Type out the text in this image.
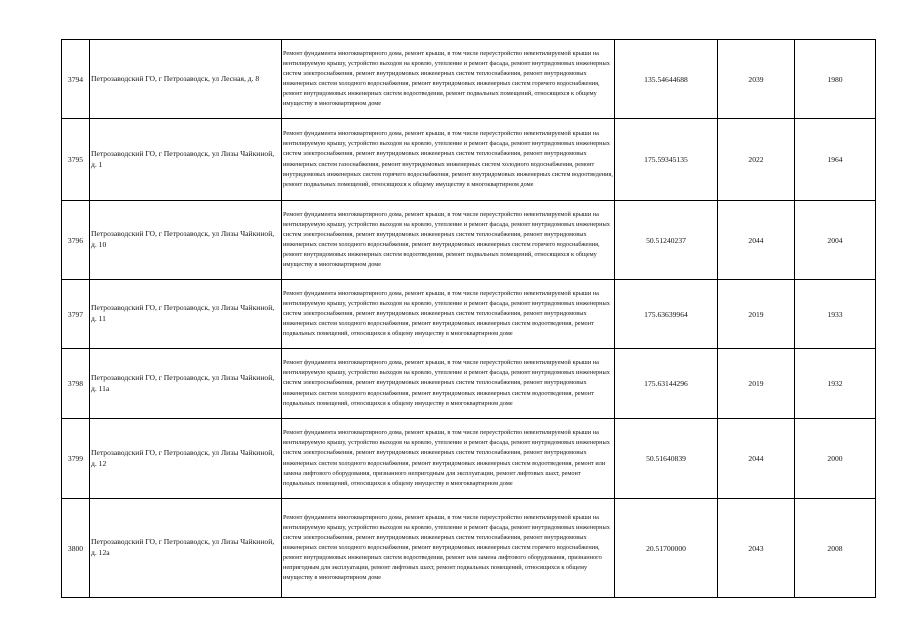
3794	Петрозаводский ГО, г Петрозаводск, ул Лесная, д. 8	Ремонт фундамента многоквартирного дома, ремонт крыши, в том числе переустройство невентилируемой крыши на вентилируемую крышу, устройство выходов на кровлю, утепление и ремонт фасада, ремонт внутридомовых инженерных систем электроснабжения, ремонт внутридомовых инженерных систем теплоснабжения, ремонт внутридомовых инженерных систем холодного водоснабжения, ремонт внутридомовых инженерных систем горячего водоснабжения, ремонт внутридомовых инженерных систем водоотведения, ремонт подвальных помещений, относящихся к общему имуществу в многоквартирном доме	135.54644688	2039	1980
3795	Петрозаводский ГО, г Петрозаводск, ул Лизы Чайкиной, д. 1	Ремонт фундамента многоквартирного дома, ремонт крыши, в том числе переустройство невентилируемой крыши на вентилируемую крышу, устройство выходов на кровлю, утепление и ремонт фасада, ремонт внутридомовых инженерных систем электроснабжения, ремонт внутридомовых инженерных систем теплоснабжения, ремонт внутридомовых инженерных систем газоснабжения, ремонт внутридомовых инженерных систем холодного водоснабжения, ремонт внутридомовых инженерных систем горячего водоснабжения, ремонт внутридомовых инженерных систем водоотведения, ремонт подвальных помещений, относящихся к общему имуществу в многоквартирном доме	175.59345135	2022	1964
3796	Петрозаводский ГО, г Петрозаводск, ул Лизы Чайкиной, д. 10	Ремонт фундамента многоквартирного дома, ремонт крыши, в том числе переустройство невентилируемой крыши на вентилируемую крышу, устройство выходов на кровлю, утепление и ремонт фасада, ремонт внутридомовых инженерных систем электроснабжения, ремонт внутридомовых инженерных систем теплоснабжения, ремонт внутридомовых инженерных систем холодного водоснабжения, ремонт внутридомовых инженерных систем горячего водоснабжения, ремонт внутридомовых инженерных систем водоотведения, ремонт подвальных помещений, относящихся к общему имуществу в многоквартирном доме	50.51240237	2044	2004
3797	Петрозаводский ГО, г Петрозаводск, ул Лизы Чайкиной, д. 11	Ремонт фундамента многоквартирного дома, ремонт крыши, в том числе переустройство невентилируемой крыши на вентилируемую крышу, устройство выходов на кровлю, утепление и ремонт фасада, ремонт внутридомовых инженерных систем электроснабжения, ремонт внутридомовых инженерных систем теплоснабжения, ремонт внутридомовых инженерных систем холодного водоснабжения, ремонт внутридомовых инженерных систем водоотведения, ремонт подвальных помещений, относящихся к общему имуществу в многоквартирном доме	175.63639964	2019	1933
3798	Петрозаводский ГО, г Петрозаводск, ул Лизы Чайкиной, д. 11а	Ремонт фундамента многоквартирного дома, ремонт крыши, в том числе переустройство невентилируемой крыши на вентилируемую крышу, устройство выходов на кровлю, утепление и ремонт фасада, ремонт внутридомовых инженерных систем электроснабжения, ремонт внутридомовых инженерных систем теплоснабжения, ремонт внутридомовых инженерных систем холодного водоснабжения, ремонт внутридомовых инженерных систем водоотведения, ремонт подвальных помещений, относящихся к общему имуществу в многоквартирном доме	175.63144296	2019	1932
3799	Петрозаводский ГО, г Петрозаводск, ул Лизы Чайкиной, д. 12	Ремонт фундамента многоквартирного дома, ремонт крыши, в том числе переустройство невентилируемой крыши на вентилируемую крышу, устройство выходов на кровлю, утепление и ремонт фасада, ремонт внутридомовых инженерных систем электроснабжения, ремонт внутридомовых инженерных систем теплоснабжения, ремонт внутридомовых инженерных систем холодного водоснабжения, ремонт внутридомовых инженерных систем водоотведения, ремонт или замена лифтового оборудования, признанного непригодным для эксплуатации, ремонт лифтовых шахт, ремонт подвальных помещений, относящихся к общему имуществу в многоквартирном доме	50.51640839	2044	2000
3800	Петрозаводский ГО, г Петрозаводск, ул Лизы Чайкиной, д. 12а	Ремонт фундамента многоквартирного дома, ремонт крыши, в том числе переустройство невентилируемой крыши на вентилируемую крышу, устройство выходов на кровлю, утепление и ремонт фасада, ремонт внутридомовых инженерных систем электроснабжения, ремонт внутридомовых инженерных систем теплоснабжения, ремонт внутридомовых инженерных систем холодного водоснабжения, ремонт внутридомовых инженерных систем горячего водоснабжения, ремонт внутридомовых инженерных систем водоотведения, ремонт или замена лифтового оборудования, признанного непригодным для эксплуатации, ремонт лифтовых шахт, ремонт подвальных помещений, относящихся к общему имуществу в многоквартирном доме	20.51700000	2043	2008
